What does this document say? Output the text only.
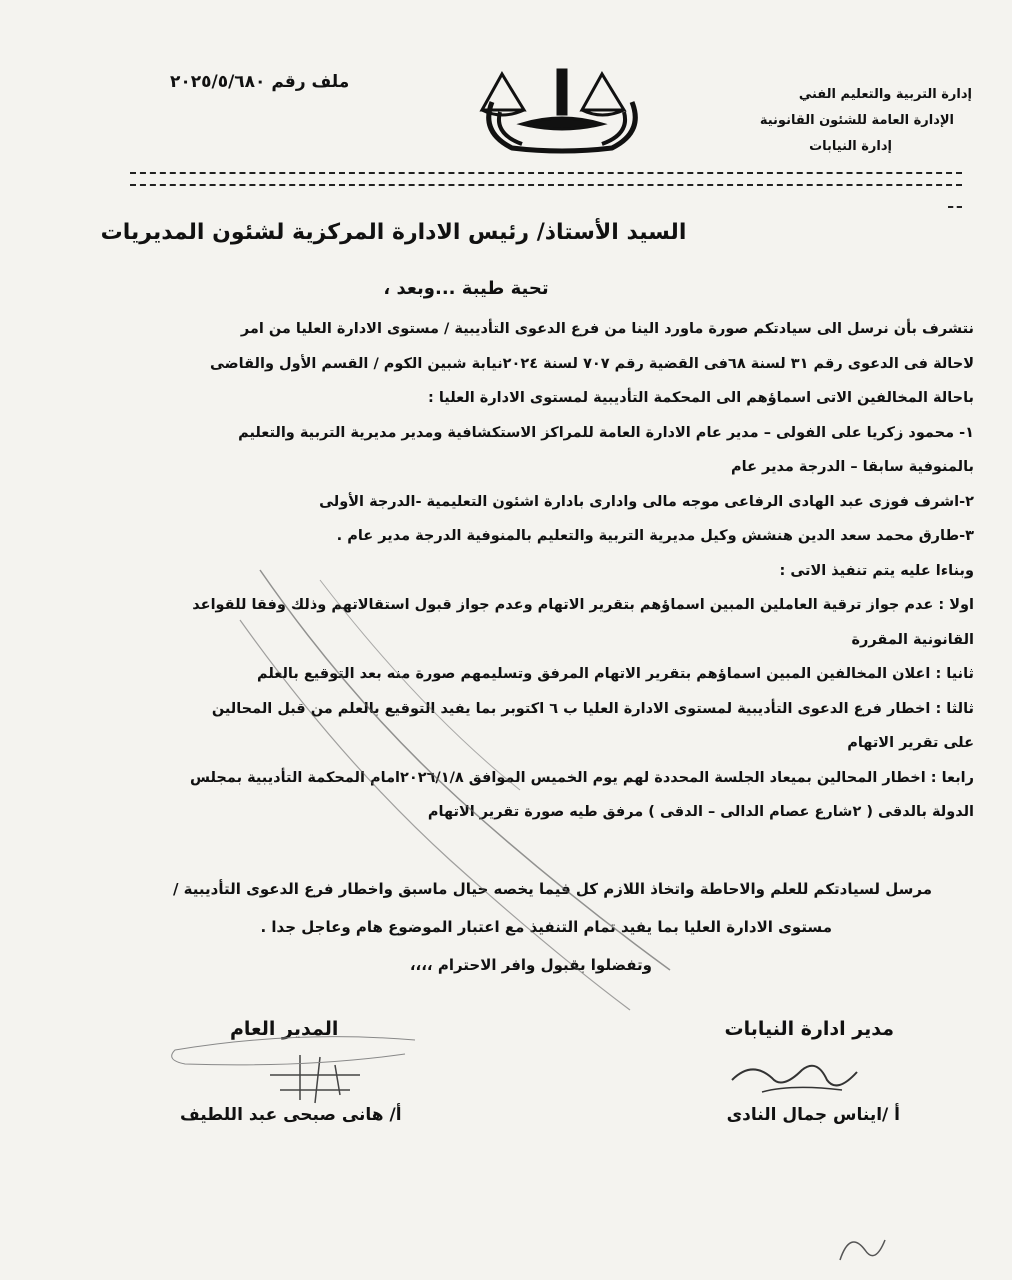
إدارة التربية والتعليم الفني
الإدارة العامة للشئون القانونية
إدارة النيابات
ملف رقم ٢٠٢٥/٥/٦٨٠
السيد الأستاذ/ رئيس الادارة المركزية لشئون المديريات
تحية طيبة ...وبعد ،
نتشرف بأن نرسل الى سيادتكم صورة ماورد الينا من فرع الدعوى التأديبية / مستوى الادارة العليا من امر
لاحالة فى الدعوى رقم ٣١ لسنة ٦٨فى القضية رقم ٧٠٧ لسنة ٢٠٢٤نيابة شبين الكوم / القسم الأول والقاضى
باحالة المخالفين الاتى اسماؤهم الى المحكمة التأديبية لمستوى الادارة العليا :
١- محمود زكريا على الفولى – مدير عام الادارة العامة للمراكز الاستكشافية ومدير مديرية التربية والتعليم
بالمنوفية سابقا – الدرجة مدير عام
٢-اشرف فوزى عبد الهادى الرفاعى موجه مالى وادارى بادارة اشئون التعليمية -الدرجة الأولى
٣-طارق محمد سعد الدين هنشش وكيل مديرية التربية والتعليم بالمنوفية الدرجة مدير عام .
وبناءا عليه يتم تنفيذ الاتى :
اولا : عدم جواز ترقية العاملين المبين اسماؤهم بتقرير الاتهام وعدم جواز قبول استقالاتهم وذلك وفقا للقواعد
القانونية المقررة
ثانيا : اعلان المخالفين المبين اسماؤهم بتقرير الاتهام المرفق وتسليمهم صورة منه بعد التوقيع بالعلم
ثالثا : اخطار فرع الدعوى التأديبية لمستوى الادارة العليا ب ٦ اكتوبر بما يفيد التوقيع بالعلم من قبل المحالين
على تقرير الاتهام
رابعا : اخطار المحالين بميعاد الجلسة المحددة لهم يوم الخميس الموافق ٢٠٢٦/١/٨امام المحكمة التأديبية بمجلس
الدولة بالدقى ( ٢شارع عصام الدالى – الدقى ) مرفق طيه صورة تقرير الاتهام
مرسل لسيادتكم للعلم والاحاطة واتخاذ اللازم كل فيما يخصه حيال ماسبق واخطار فرع الدعوى التأديبية /
مستوى الادارة العليا بما يفيد تمام التنفيذ مع اعتبار الموضوع هام وعاجل جدا .
وتفضلوا بقبول وافر الاحترام ،،،،
مدير ادارة النيابات
المدير العام
أ /ايناس جمال النادى
أ/ هانى صبحى عبد اللطيف
